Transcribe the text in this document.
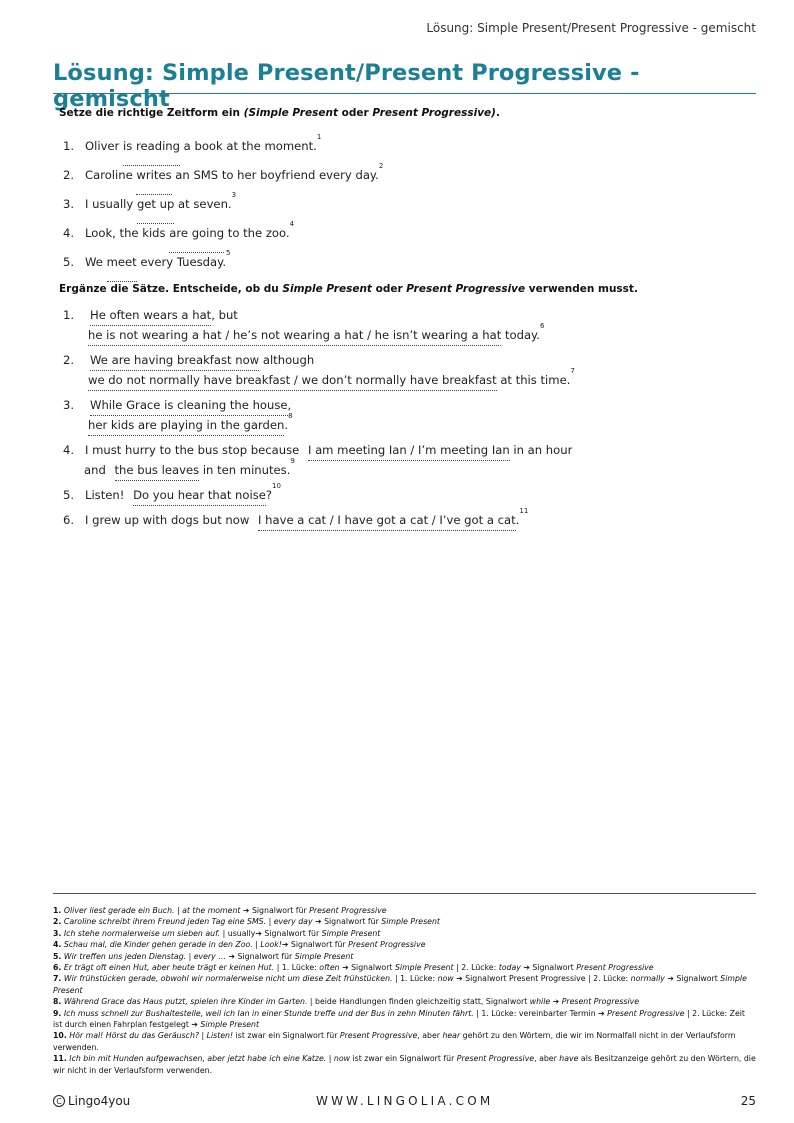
Lösung: Simple Present/Present Progressive - gemischt
Lösung: Simple Present/Present Progressive - gemischt

Setze die richtige Zeitform ein (Simple Present oder Present Progressive).

1. Oliver is reading a book at the moment.
1
2. Caroline writes an SMS to her boyfriend every day.
2
3. I usually get up at seven.
3
4. Look, the kids are going to the zoo.
4
5. We meet every Tuesday.
5

Ergänze die Sätze. Entscheide, ob du Simple Present oder Present Progressive verwenden musst.

1.	He often wears a hat , but
he is not wearing a hat / he’s not wearing a hat / he isn’t wearing a hat today.
6
2.	We are having breakfast now although
we do not normally have breakfast / we don’t normally have breakfast at this time.
7
3.	While Grace is cleaning the house ,
her kids are playing in the garden .
8
4. I must hurry to the bus stop because I am meeting Ian / I’m meeting Ian in an hour
and the bus leaves in ten minutes.
9
5. Listen! Do you hear that noise ?
10
6. I grew up with dogs but now I have a cat / I have got a cat / I’ve got a cat .
11

1. Oliver liest gerade ein Buch. | at the moment ➔ Signalwort für Present Progressive

2. Caroline schreibt ihrem Freund jeden Tag eine SMS. | every day ➔ Signalwort für Simple Present

3. Ich stehe normalerweise um sieben auf. | usually➔ Signalwort für Simple Present

4. Schau mal, die Kinder gehen gerade in den Zoo. | Look!➔ Signalwort für Present Progressive

5. Wir treffen uns jeden Dienstag. | every … ➔ Signalwort für Simple Present

6. Er trägt oft einen Hut, aber heute trägt er keinen Hut. | 1. Lücke: often ➔ Signalwort Simple Present | 2. Lücke: today ➔ Signalwort Present Progressive

7. Wir frühstücken gerade, obwohl wir normalerweise nicht um diese Zeit frühstücken. | 1. Lücke: now ➔ Signalwort Present Progressive | 2. Lücke: normally ➔ Signalwort Simple Present

8. Während Grace das Haus putzt, spielen ihre Kinder im Garten. | beide Handlungen finden gleichzeitig statt, Signalwort while ➔ Present Progressive

9. Ich muss schnell zur Bushaltestelle, weil ich Ian in einer Stunde treffe und der Bus in zehn Minuten fährt. | 1. Lücke: vereinbarter Termin ➔ Present Progressive | 2. Lücke: Zeit ist durch einen Fahrplan festgelegt ➔ Simple Present

10. Hör mal! Hörst du das Geräusch? | Listen! ist zwar ein Signalwort für Present Progressive, aber hear gehört zu den Wörtern, die wir im Normalfall nicht in der Verlaufsform verwenden.

11. Ich bin mit Hunden aufgewachsen, aber jetzt habe ich eine Katze. | now ist zwar ein Signalwort für Present Progressive, aber have als Besitzanzeige gehört zu den Wörtern, die wir nicht in der Verlaufsform verwenden.

C Lingo4you	WWW.LINGOLIA.COM	25
